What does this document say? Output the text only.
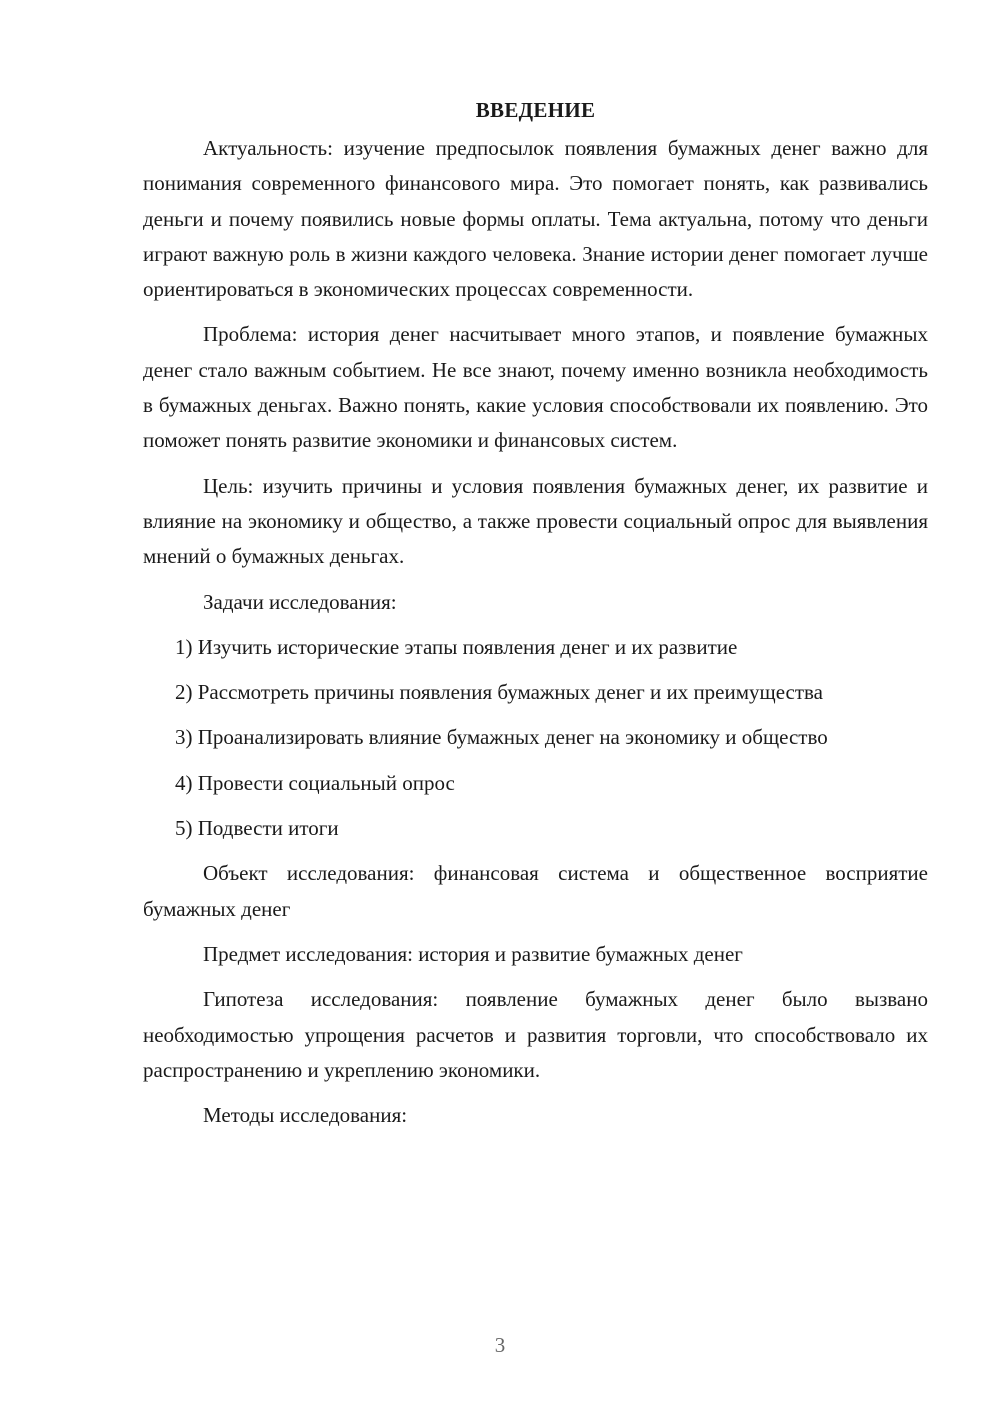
ВВЕДЕНИЕ

Актуальность: изучение предпосылок появления бумажных денег важно для понимания современного финансового мира. Это помогает понять, как развивались деньги и почему появились новые формы оплаты. Тема актуальна, потому что деньги играют важную роль в жизни каждого человека. Знание истории денег помогает лучше ориентироваться в экономических процессах современности.

Проблема: история денег насчитывает много этапов, и появление бумажных денег стало важным событием. Не все знают, почему именно возникла необходимость в бумажных деньгах. Важно понять, какие условия способствовали их появлению. Это поможет понять развитие экономики и финансовых систем.

Цель: изучить причины и условия появления бумажных денег, их развитие и влияние на экономику и общество, а также провести социальный опрос для выявления мнений о бумажных деньгах.

Задачи исследования:

1) Изучить исторические этапы появления денег и их развитие

2) Рассмотреть причины появления бумажных денег и их преимущества

3) Проанализировать влияние бумажных денег на экономику и общество

4) Провести социальный опрос

5) Подвести итоги

Объект исследования: финансовая система и общественное восприятие бумажных денег

Предмет исследования: история и развитие бумажных денег

Гипотеза исследования: появление бумажных денег было вызвано необходимостью упрощения расчетов и развития торговли, что способствовало их распространению и укреплению экономики.

Методы исследования:

3
